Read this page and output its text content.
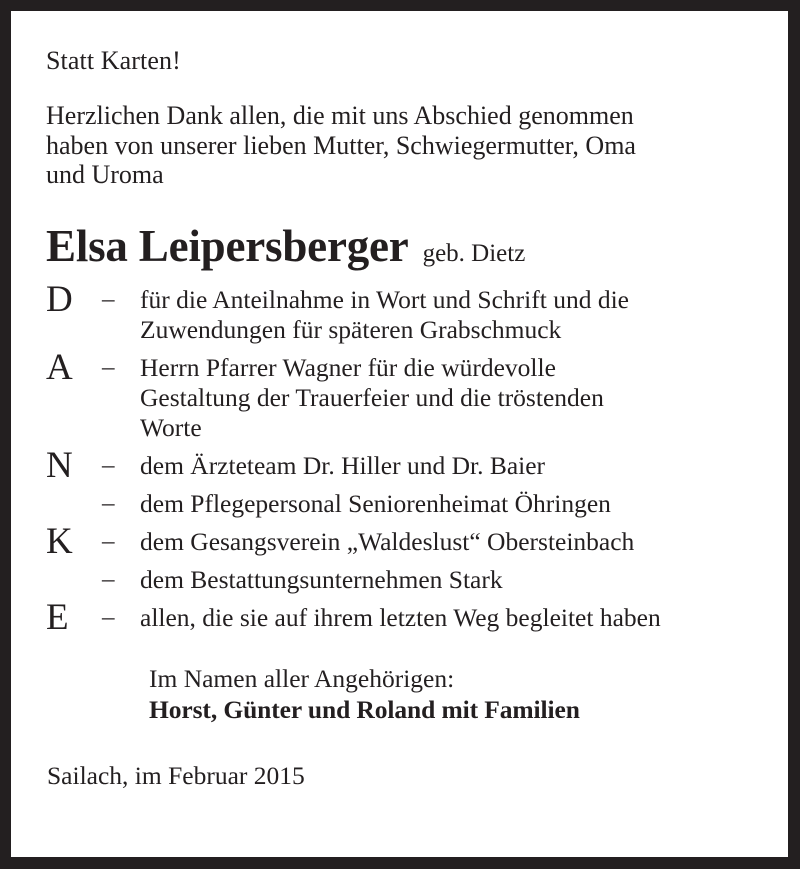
Statt Karten!
Herzlichen Dank allen, die mit uns Abschied genommen
haben von unserer lieben Mutter, Schwiegermutter, Oma
und Uroma
Elsa Leipersberger geb. Dietz
D	–	für die Anteilnahme in Wort und Schrift und die
Zuwendungen für späteren Grabschmuck

A	–	Herrn Pfarrer Wagner für die würdevolle
Gestaltung der Trauerfeier und die tröstenden
Worte

N	–	dem Ärzteteam Dr. Hiller und Dr. Baier

	–	dem Pflegepersonal Seniorenheimat Öhringen

K	–	dem Gesangsverein „Waldeslust“ Obersteinbach

	–	dem Bestattungsunternehmen Stark

E	–	allen, die sie auf ihrem letzten Weg begleitet haben
Im Namen aller Angehörigen:
Horst, Günter und Roland mit Familien
Sailach, im Februar 2015
